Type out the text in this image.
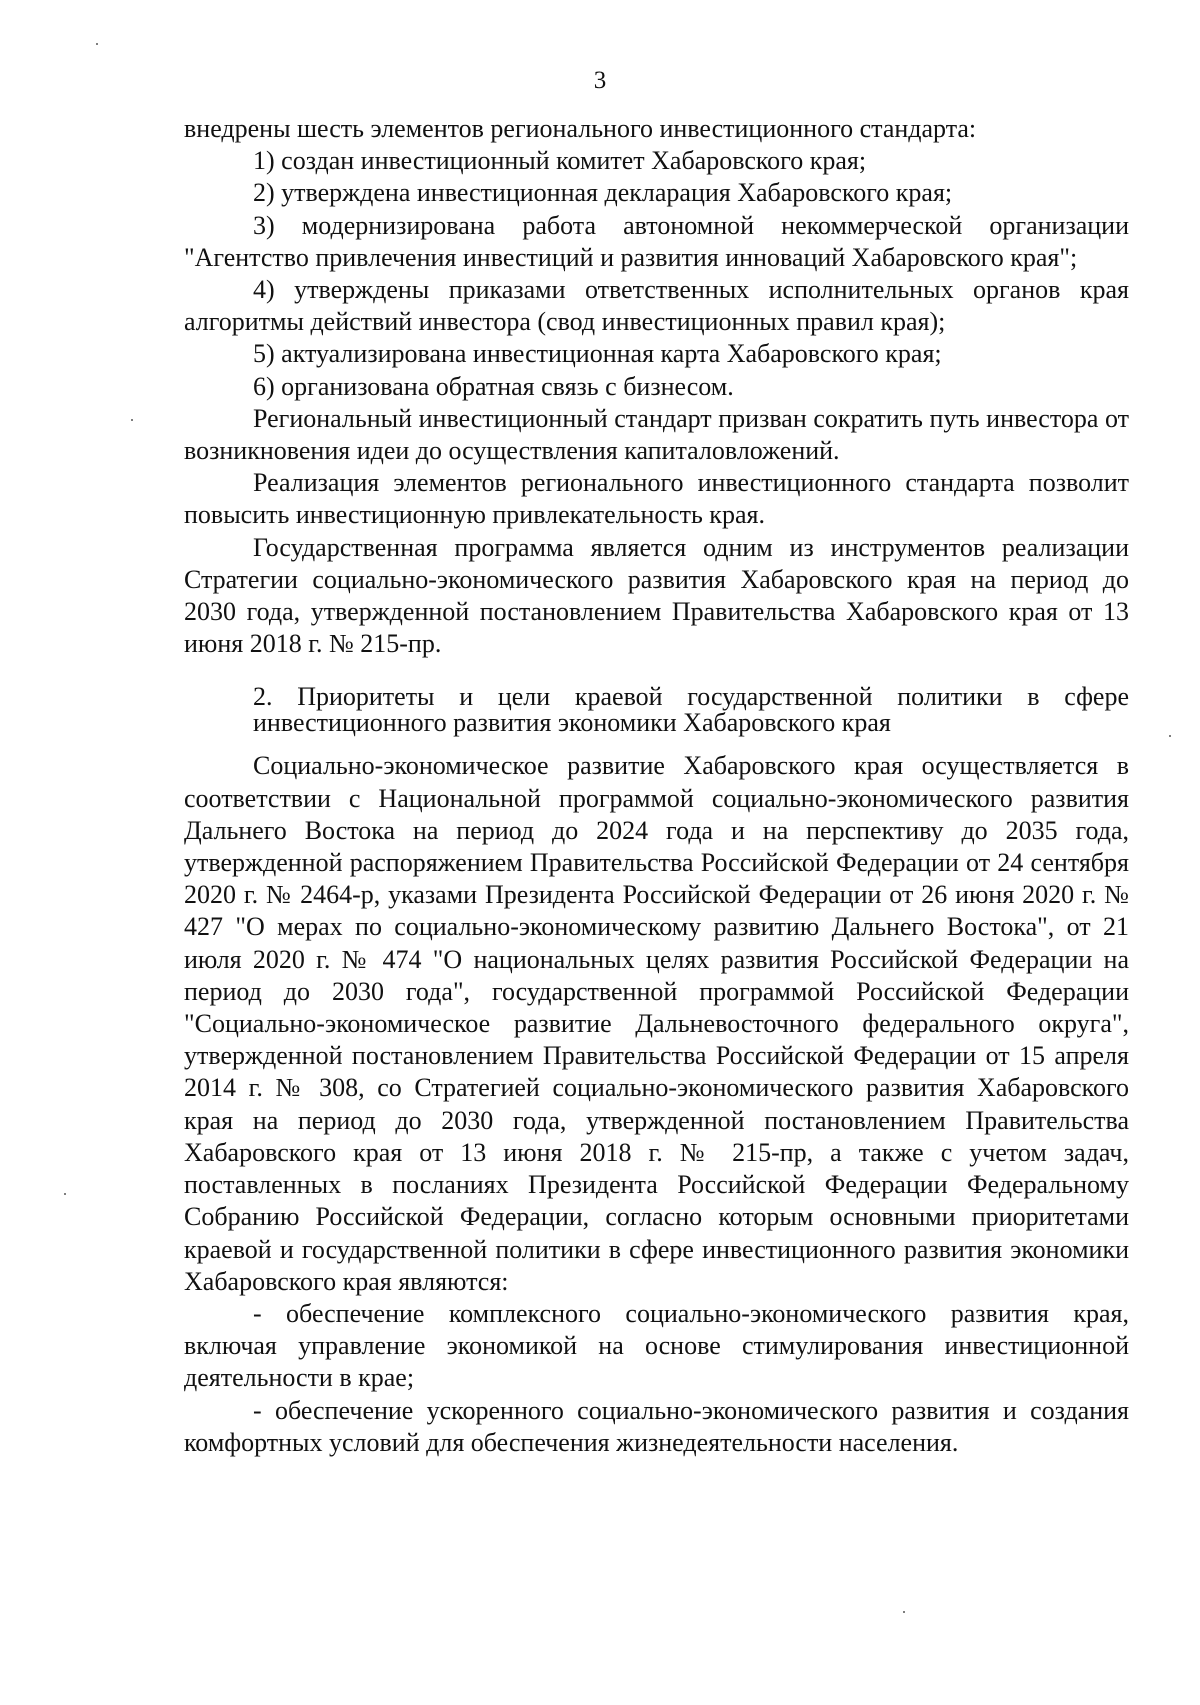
3

внедрены шесть элементов регионального инвестиционного стандарта:

1) создан инвестиционный комитет Хабаровского края;

2) утверждена инвестиционная декларация Хабаровского края;

3) модернизирована работа автономной некоммерческой организации "Агентство привлечения инвестиций и развития инноваций Хабаровского края";

4) утверждены приказами ответственных исполнительных органов края алгоритмы действий инвестора (свод инвестиционных правил края);

5) актуализирована инвестиционная карта Хабаровского края;

6) организована обратная связь с бизнесом.

Региональный инвестиционный стандарт призван сократить путь инвестора от возникновения идеи до осуществления капиталовложений.

Реализация элементов регионального инвестиционного стандарта позволит повысить инвестиционную привлекательность края.

Государственная программа является одним из инструментов реализации Стратегии социально-экономического развития Хабаровского края на период до 2030 года, утвержденной постановлением Правительства Хабаровского края от 13 июня 2018 г. № 215-пр.

2. Приоритеты и цели краевой государственной политики в сфере инвестиционного развития экономики Хабаровского края

Социально-экономическое развитие Хабаровского края осуществляется в соответствии с Национальной программой социально-экономического развития Дальнего Востока на период до 2024 года и на перспективу до 2035 года, утвержденной распоряжением Правительства Российской Федерации от 24 сентября 2020 г. № 2464-р, указами Президента Российской Федерации от 26 июня 2020 г. № 427 "О мерах по социально-экономическому развитию Дальнего Востока", от 21 июля 2020 г. № 474 "О национальных целях развития Российской Федерации на период до 2030 года", государственной программой Российской Федерации "Социально-экономическое развитие Дальневосточного федерального округа", утвержденной постановлением Правительства Российской Федерации от 15 апреля 2014 г. № 308, со Стратегией социально-экономического развития Хабаровского края на период до 2030 года, утвержденной постановлением Правительства Хабаровского края от 13 июня 2018 г. № 215-пр, а также с учетом задач, поставленных в посланиях Президента Российской Федерации Федеральному Собранию Российской Федерации, согласно которым основными приоритетами краевой и государственной политики в сфере инвестиционного развития экономики Хабаровского края являются:

- обеспечение комплексного социально-экономического развития края, включая управление экономикой на основе стимулирования инвестиционной деятельности в крае;

- обеспечение ускоренного социально-экономического развития и создания комфортных условий для обеспечения жизнедеятельности населения.
